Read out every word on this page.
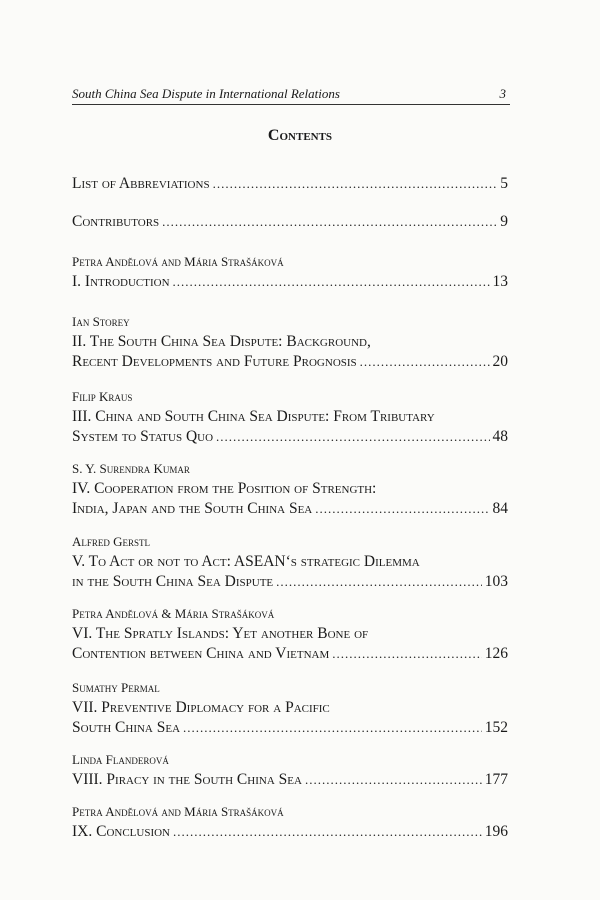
South China Sea Dispute in International Relations	3
Contents
List of Abbreviations .....	5
Contributors .....	9
Petra Andělová and Mária Strašáková
I. Introduction .....	13
Ian Storey
II. The South China Sea Dispute: Background,
Recent Developments and Future Prognosis .....	20
Filip Kraus
III. China and South China Sea Dispute: From Tributary
System to Status Quo .....	48
S. Y. Surendra Kumar
IV. Cooperation from the Position of Strength:
India, Japan and the South China Sea .....	84
Alfred Gerstl
V. To Act or not to Act: ASEAN‘s strategic Dilemma
in the South China Sea Dispute .....	103
Petra Andělová & Mária Strašáková
VI. The Spratly Islands: Yet another Bone of
Contention between China and Vietnam .....	126
Sumathy Permal
VII. Preventive Diplomacy for a Pacific
South China Sea .....	152
Linda Flanderová
VIII. Piracy in the South China Sea .....	177
Petra Andělová and Mária Strašáková
IX. Conclusion .....	196
